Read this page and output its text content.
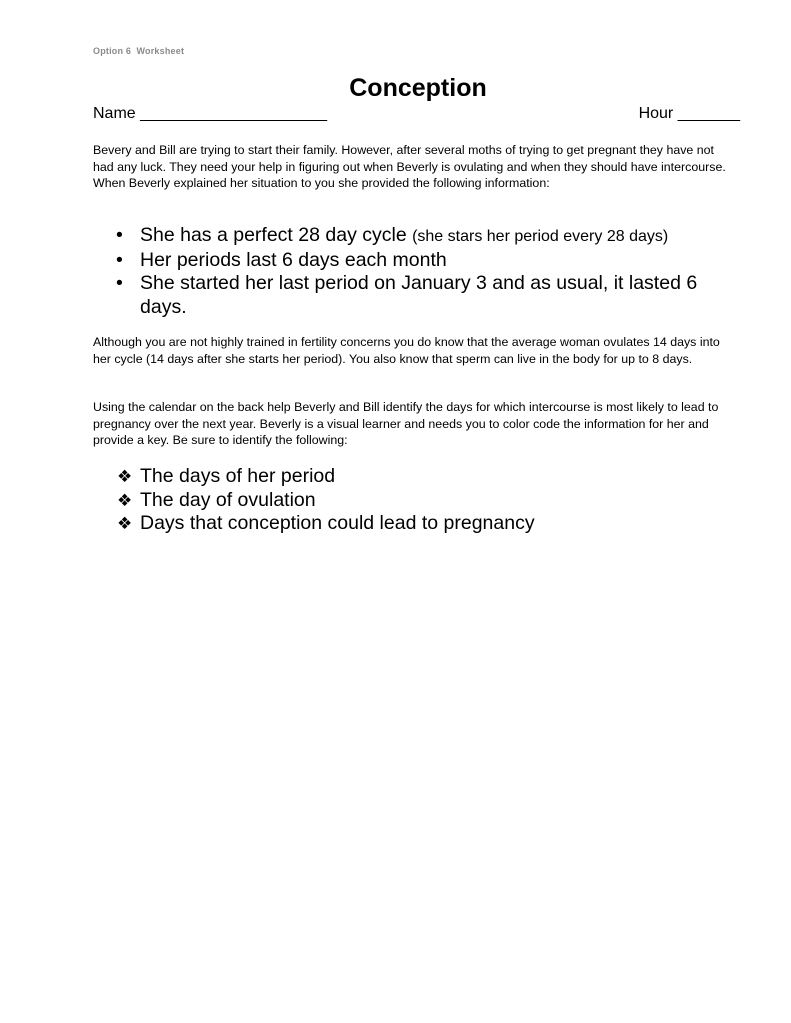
Option 6  Worksheet
Conception
Name _____________________	Hour _______
Bevery and Bill are trying to start their family. However, after several moths of trying to get pregnant they have not had any luck. They need your help in figuring out when Beverly is ovulating and when they should have intercourse. When Beverly explained her situation to you she provided the following information:
• She has a perfect 28 day cycle (she stars her period every 28 days)
• Her periods last 6 days each month
• She started her last period on January 3 and as usual, it lasted 6 days.
Although you are not highly trained in fertility concerns you do know that the average woman ovulates 14 days into her cycle (14 days after she starts her period). You also know that sperm can live in the body for up to 8 days.
Using the calendar on the back help Beverly and Bill identify the days for which intercourse is most likely to lead to pregnancy over the next year. Beverly is a visual learner and needs you to color code the information for her and provide a key. Be sure to identify the following:
❖ The days of her period
❖ The day of ovulation
❖ Days that conception could lead to pregnancy
